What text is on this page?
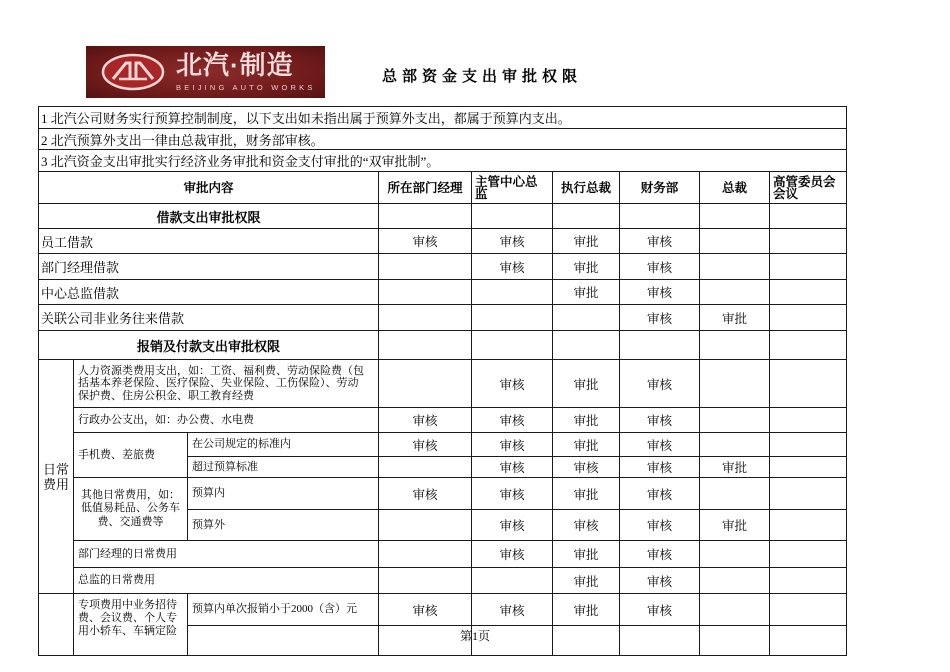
北汽·制造
BEIJING AUTO WORKS
总部资金支出审批权限
1 北汽公司财务实行预算控制制度，以下支出如未指出属于预算外支出，都属于预算内支出。								
2 北汽预算外支出一律由总裁审批，财务部审核。								
3 北汽资金支出审批实行经济业务审批和资金支付审批的“双审批制”。								
审批内容			所在部门经理	主管中心总监	执行总裁	财务部	总裁	高管委员会会议
借款支出审批权限								
员工借款			审核	审核	审批	审核		
部门经理借款				审核	审批	审核		
中心总监借款					审批	审核		
关联公司非业务往来借款						审核	审批	
报销及付款支出审批权限								
日常费用	人力资源类费用支出，如：工资、福利费、劳动保险费（包括基本养老保险、医疗保险、失业保险、工伤保险）、劳动保护费、住房公积金、职工教育经费			审核	审批	审核		
	行政办公支出，如：办公费、水电费		审核	审核	审批	审核		
	手机费、差旅费	在公司规定的标准内	审核	审核	审批	审核		
		超过预算标准		审核	审核	审核	审批	
	其他日常费用，如：低值易耗品、公务车费、交通费等	预算内	审核	审核	审批	审核		
		预算外		审核	审核	审核	审批	
	部门经理的日常费用			审核	审批	审核		
	总监的日常费用				审批	审核		
	专项费用中业务招待费、会议费、个人专用小轿车、车辆定险	预算内单次报销小于2000（含）元	审核	审核	审批	审核		

第1页
